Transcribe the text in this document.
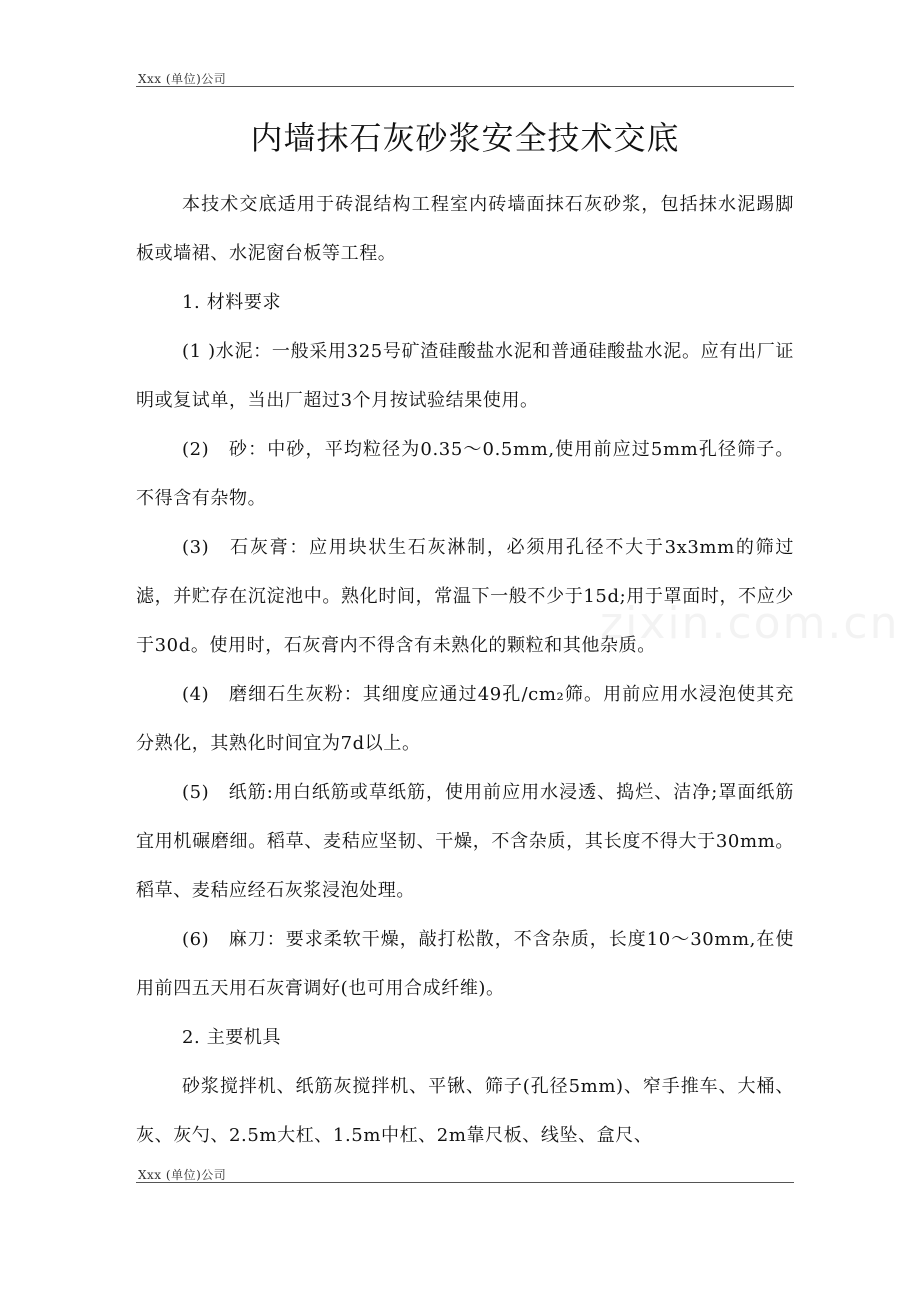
Xxx (单位)公司
内墙抹石灰砂浆安全技术交底

本技术交底适用于砖混结构工程室内砖墙面抹石灰砂浆，包括抹水泥踢脚板或墙裙、水泥窗台板等工程。

1. 材料要求

(1 )水泥：一般采用325号矿渣硅酸盐水泥和普通硅酸盐水泥。应有出厂证明或复试单，当出厂超过3个月按试验结果使用。

(2)　砂：中砂，平均粒径为0.35～0.5mm,使用前应过5mm孔径筛子。不得含有杂物。

(3)　石灰膏：应用块状生石灰淋制，必须用孔径不大于3x3mm的筛过滤，并贮存在沉淀池中。熟化时间，常温下一般不少于15d;用于罩面时，不应少于30d。使用时，石灰膏内不得含有未熟化的颗粒和其他杂质。

(4)　磨细石生灰粉：其细度应通过49孔/cm₂筛。用前应用水浸泡使其充分熟化，其熟化时间宜为7d以上。

(5)　纸筋:用白纸筋或草纸筋，使用前应用水浸透、捣烂、洁净;罩面纸筋宜用机碾磨细。稻草、麦秸应坚韧、干燥，不含杂质，其长度不得大于30mm。稻草、麦秸应经石灰浆浸泡处理。

(6)　麻刀：要求柔软干燥，敲打松散，不含杂质，长度10～30mm,在使用前四五天用石灰膏调好(也可用合成纤维)。

2. 主要机具

砂浆搅拌机、纸筋灰搅拌机、平锹、筛子(孔径5mm)、窄手推车、大桶、灰、灰勺、2.5m大杠、1.5m中杠、2m靠尺板、线坠、盒尺、

zixin.com.cn
Xxx (单位)公司
